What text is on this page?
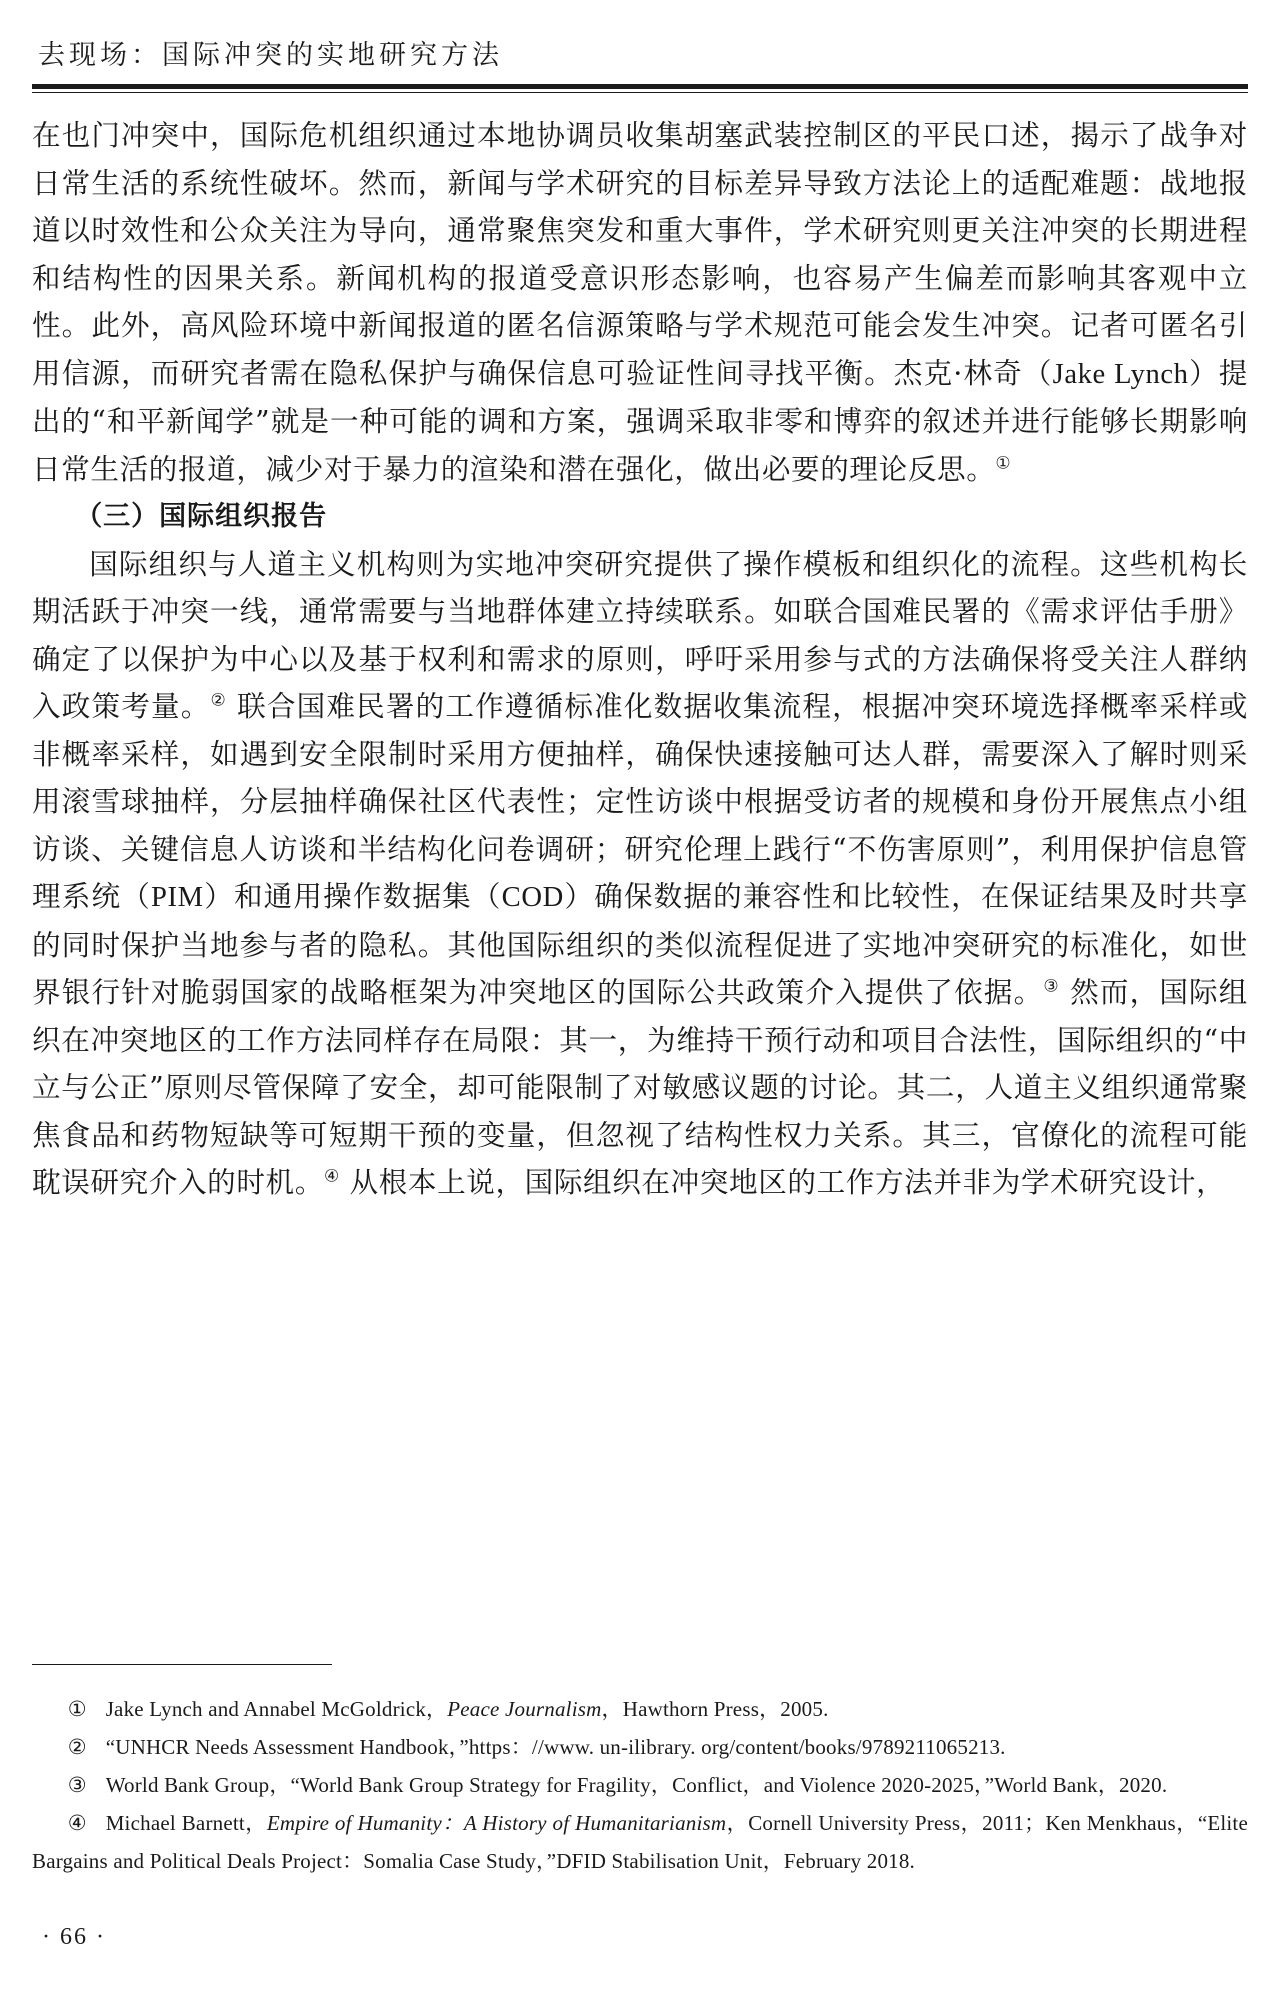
去现场：国际冲突的实地研究方法

在也门冲突中，国际危机组织通过本地协调员收集胡塞武装控制区的平民口述，揭示了战争对日常生活的系统性破坏。然而，新闻与学术研究的目标差异导致方法论上的适配难题：战地报道以时效性和公众关注为导向，通常聚焦突发和重大事件，学术研究则更关注冲突的长期进程和结构性的因果关系。新闻机构的报道受意识形态影响，也容易产生偏差而影响其客观中立性。此外，高风险环境中新闻报道的匿名信源策略与学术规范可能会发生冲突。记者可匿名引用信源，而研究者需在隐私保护与确保信息可验证性间寻找平衡。杰克·林奇（Jake Lynch）提出的“和平新闻学”就是一种可能的调和方案，强调采取非零和博弈的叙述并进行能够长期影响日常生活的报道，减少对于暴力的渲染和潜在强化，做出必要的理论反思。①

（三）国际组织报告

国际组织与人道主义机构则为实地冲突研究提供了操作模板和组织化的流程。这些机构长期活跃于冲突一线，通常需要与当地群体建立持续联系。如联合国难民署的《需求评估手册》确定了以保护为中心以及基于权利和需求的原则，呼吁采用参与式的方法确保将受关注人群纳入政策考量。② 联合国难民署的工作遵循标准化数据收集流程，根据冲突环境选择概率采样或非概率采样，如遇到安全限制时采用方便抽样，确保快速接触可达人群，需要深入了解时则采用滚雪球抽样，分层抽样确保社区代表性；定性访谈中根据受访者的规模和身份开展焦点小组访谈、关键信息人访谈和半结构化问卷调研；研究伦理上践行“不伤害原则”，利用保护信息管理系统（PIM）和通用操作数据集（COD）确保数据的兼容性和比较性，在保证结果及时共享的同时保护当地参与者的隐私。其他国际组织的类似流程促进了实地冲突研究的标准化，如世界银行针对脆弱国家的战略框架为冲突地区的国际公共政策介入提供了依据。③ 然而，国际组织在冲突地区的工作方法同样存在局限：其一，为维持干预行动和项目合法性，国际组织的“中立与公正”原则尽管保障了安全，却可能限制了对敏感议题的讨论。其二，人道主义组织通常聚焦食品和药物短缺等可短期干预的变量，但忽视了结构性权力关系。其三，官僚化的流程可能耽误研究介入的时机。④ 从根本上说，国际组织在冲突地区的工作方法并非为学术研究设计，

① Jake Lynch and Annabel McGoldrick，Peace Journalism，Hawthorn Press，2005.

② “UNHCR Needs Assessment Handbook，”https：//www. un-ilibrary. org/content/books/9789211065213.

③ World Bank Group，“World Bank Group Strategy for Fragility，Conflict，and Violence 2020-2025，”World Bank，2020.

④ Michael Barnett，Empire of Humanity：A History of Humanitarianism，Cornell University Press，2011；Ken Menkhaus，“Elite Bargains and Political Deals Project：Somalia Case Study，”DFID Stabilisation Unit，February 2018.

· 66 ·
